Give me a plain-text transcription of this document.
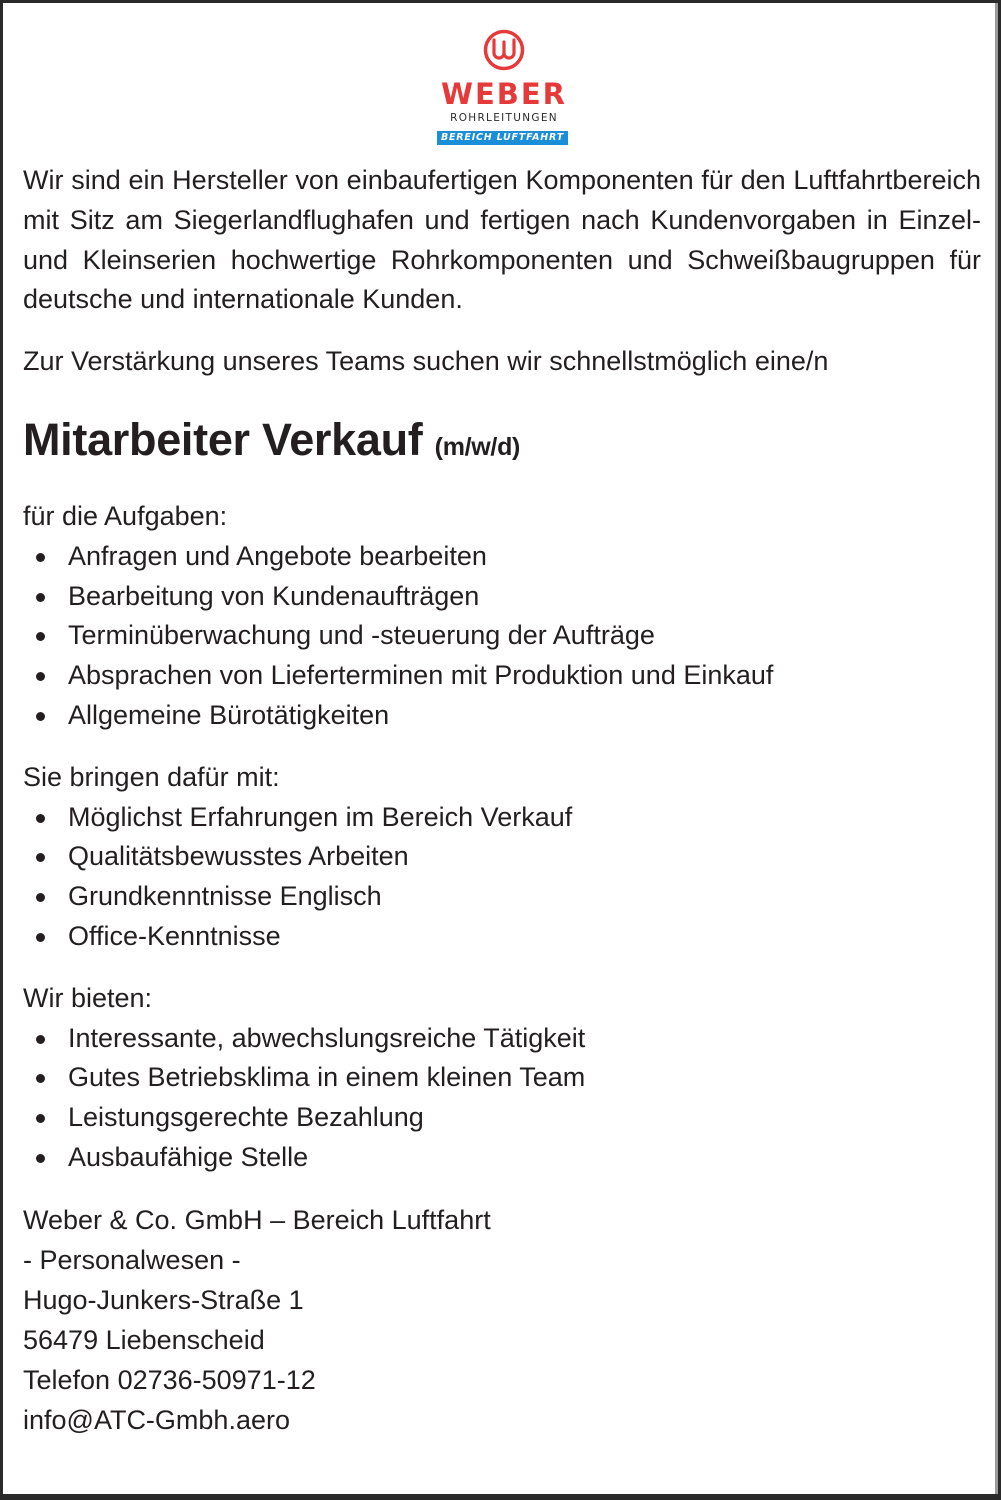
WEBER
ROHRLEITUNGEN
BEREICH LUFTFAHRT

Wir sind ein Hersteller von einbaufertigen Komponenten für den Luftfahrtbereich mit Sitz am Siegerlandflughafen und fertigen nach Kundenvorgaben in Einzel- und Kleinserien hochwertige Rohrkomponenten und Schweißbaugruppen für deutsche und internationale Kunden.

Zur Verstärkung unseres Teams suchen wir schnellstmöglich eine/n

Mitarbeiter Verkauf (m/w/d)

für die Aufgaben:

Anfragen und Angebote bearbeiten
Bearbeitung von Kundenaufträgen
Terminüberwachung und -steuerung der Aufträge
Absprachen von Lieferterminen mit Produktion und Einkauf
Allgemeine Bürotätigkeiten

Sie bringen dafür mit:

Möglichst Erfahrungen im Bereich Verkauf
Qualitätsbewusstes Arbeiten
Grundkenntnisse Englisch
Office-Kenntnisse

Wir bieten:

Interessante, abwechslungsreiche Tätigkeit
Gutes Betriebsklima in einem kleinen Team
Leistungsgerechte Bezahlung
Ausbaufähige Stelle
Weber & Co. GmbH – Bereich Luftfahrt
- Personalwesen -
Hugo-Junkers-Straße 1
56479 Liebenscheid
Telefon 02736-50971-12
info@ATC-Gmbh.aero
